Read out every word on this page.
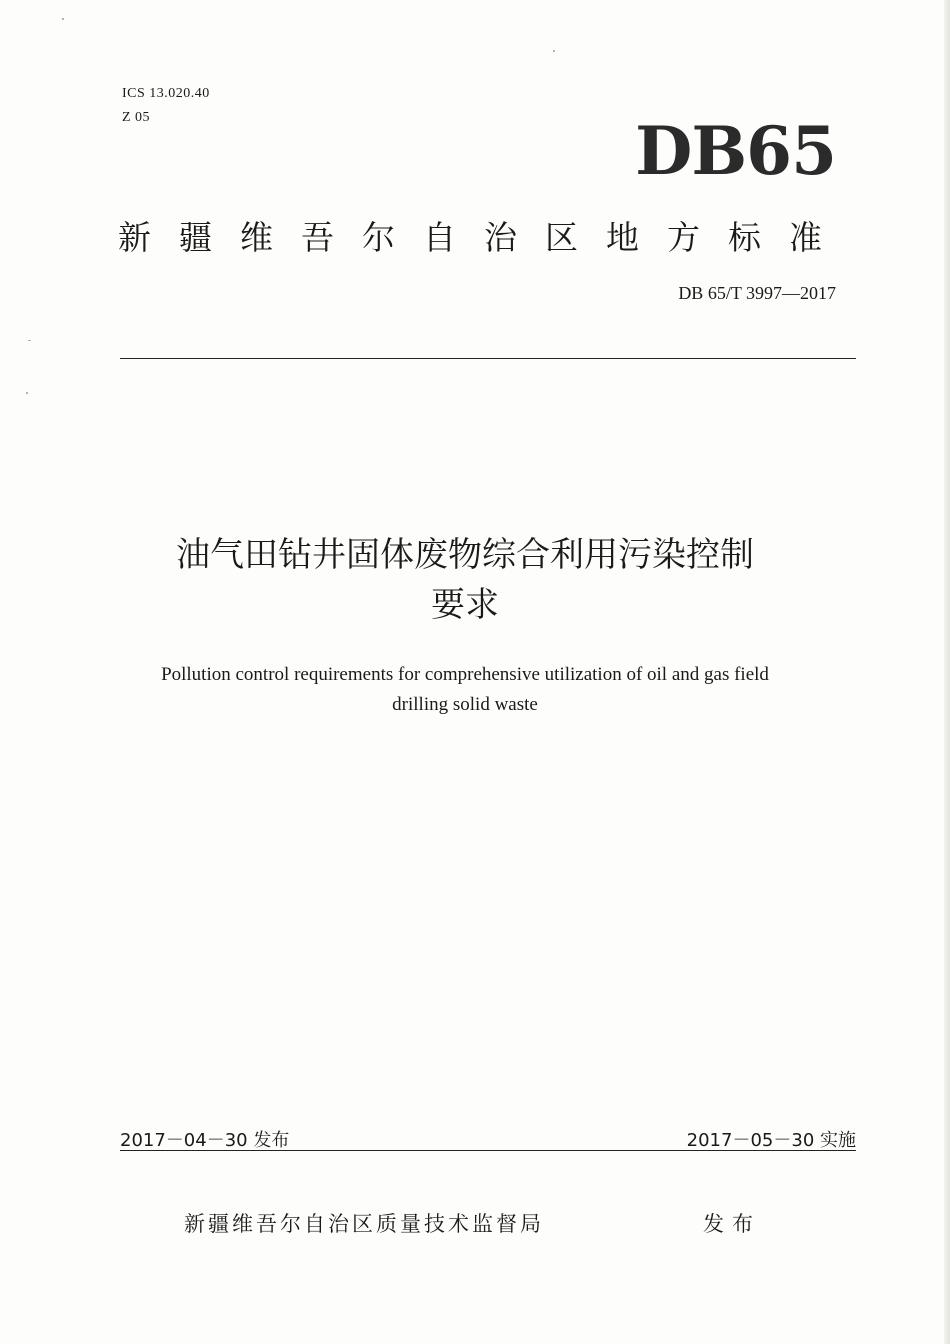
ICS 13.020.40
Z 05	DB65
新疆维吾尔自治区地方标准
DB 65/T 3997—2017
油气田钻井固体废物综合利用污染控制
要求
Pollution control requirements for comprehensive utilization of oil and gas field
drilling solid waste
2017－04－30 发布	2017－05－30 实施
新疆维吾尔自治区质量技术监督局	发布
